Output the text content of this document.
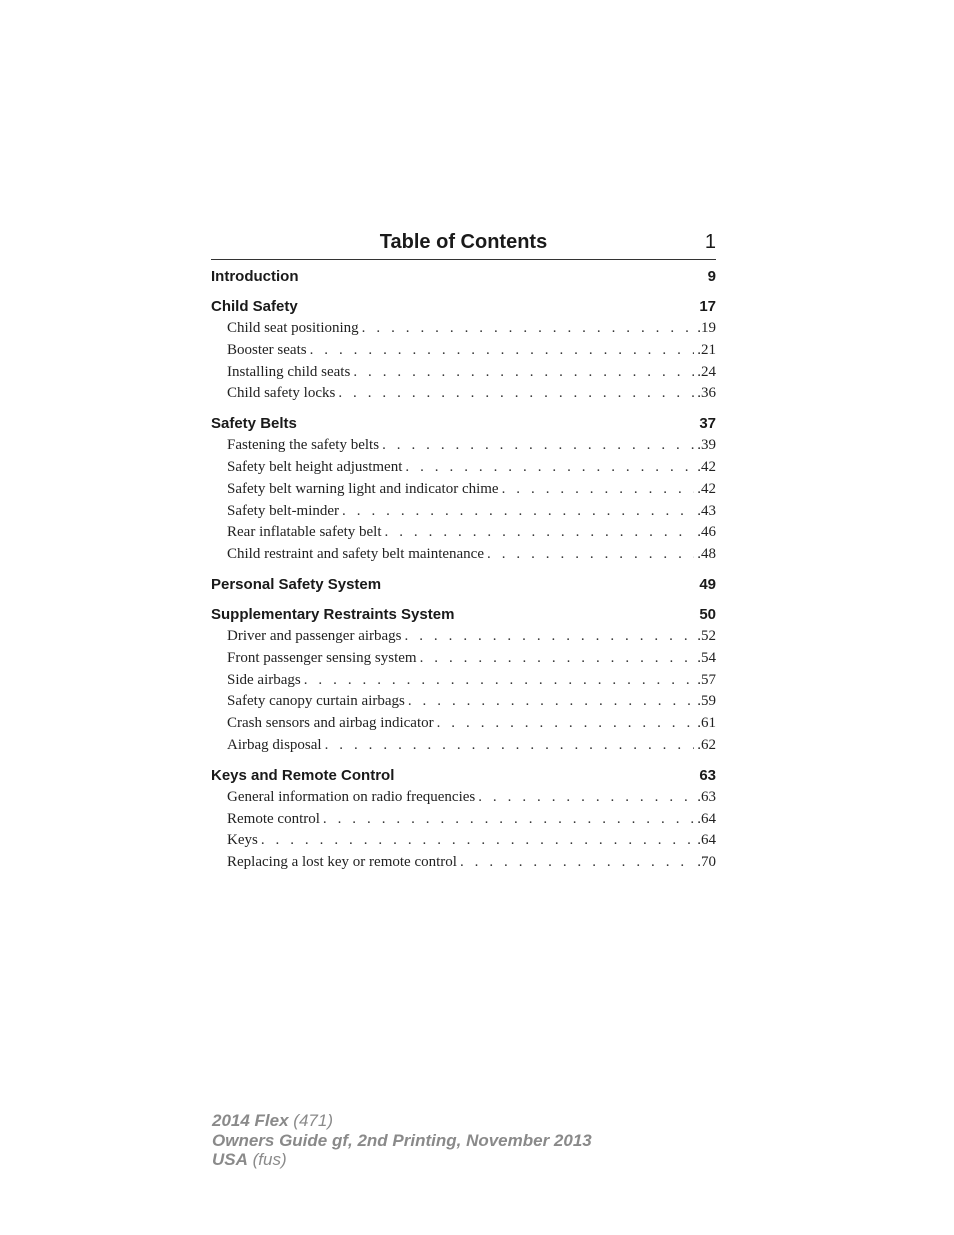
Table of Contents	1
Introduction	9
Child Safety	17
Child seat positioning . . .	.19
Booster seats . . .	.21
Installing child seats . . .	.24
Child safety locks . . .	.36
Safety Belts	37
Fastening the safety belts . . .	.39
Safety belt height adjustment . . .	.42
Safety belt warning light and indicator chime . . .	.42
Safety belt-minder . . .	.43
Rear inflatable safety belt . . .	.46
Child restraint and safety belt maintenance . . .	.48
Personal Safety System	49
Supplementary Restraints System	50
Driver and passenger airbags . . .	.52
Front passenger sensing system . . .	.54
Side airbags . . .	.57
Safety canopy curtain airbags . . .	.59
Crash sensors and airbag indicator . . .	.61
Airbag disposal . . .	.62
Keys and Remote Control	63
General information on radio frequencies . . .	.63
Remote control . . .	.64
Keys . . .	.64
Replacing a lost key or remote control . . .	.70
2014 Flex (471)
Owners Guide gf, 2nd Printing, November 2013
USA (fus)
